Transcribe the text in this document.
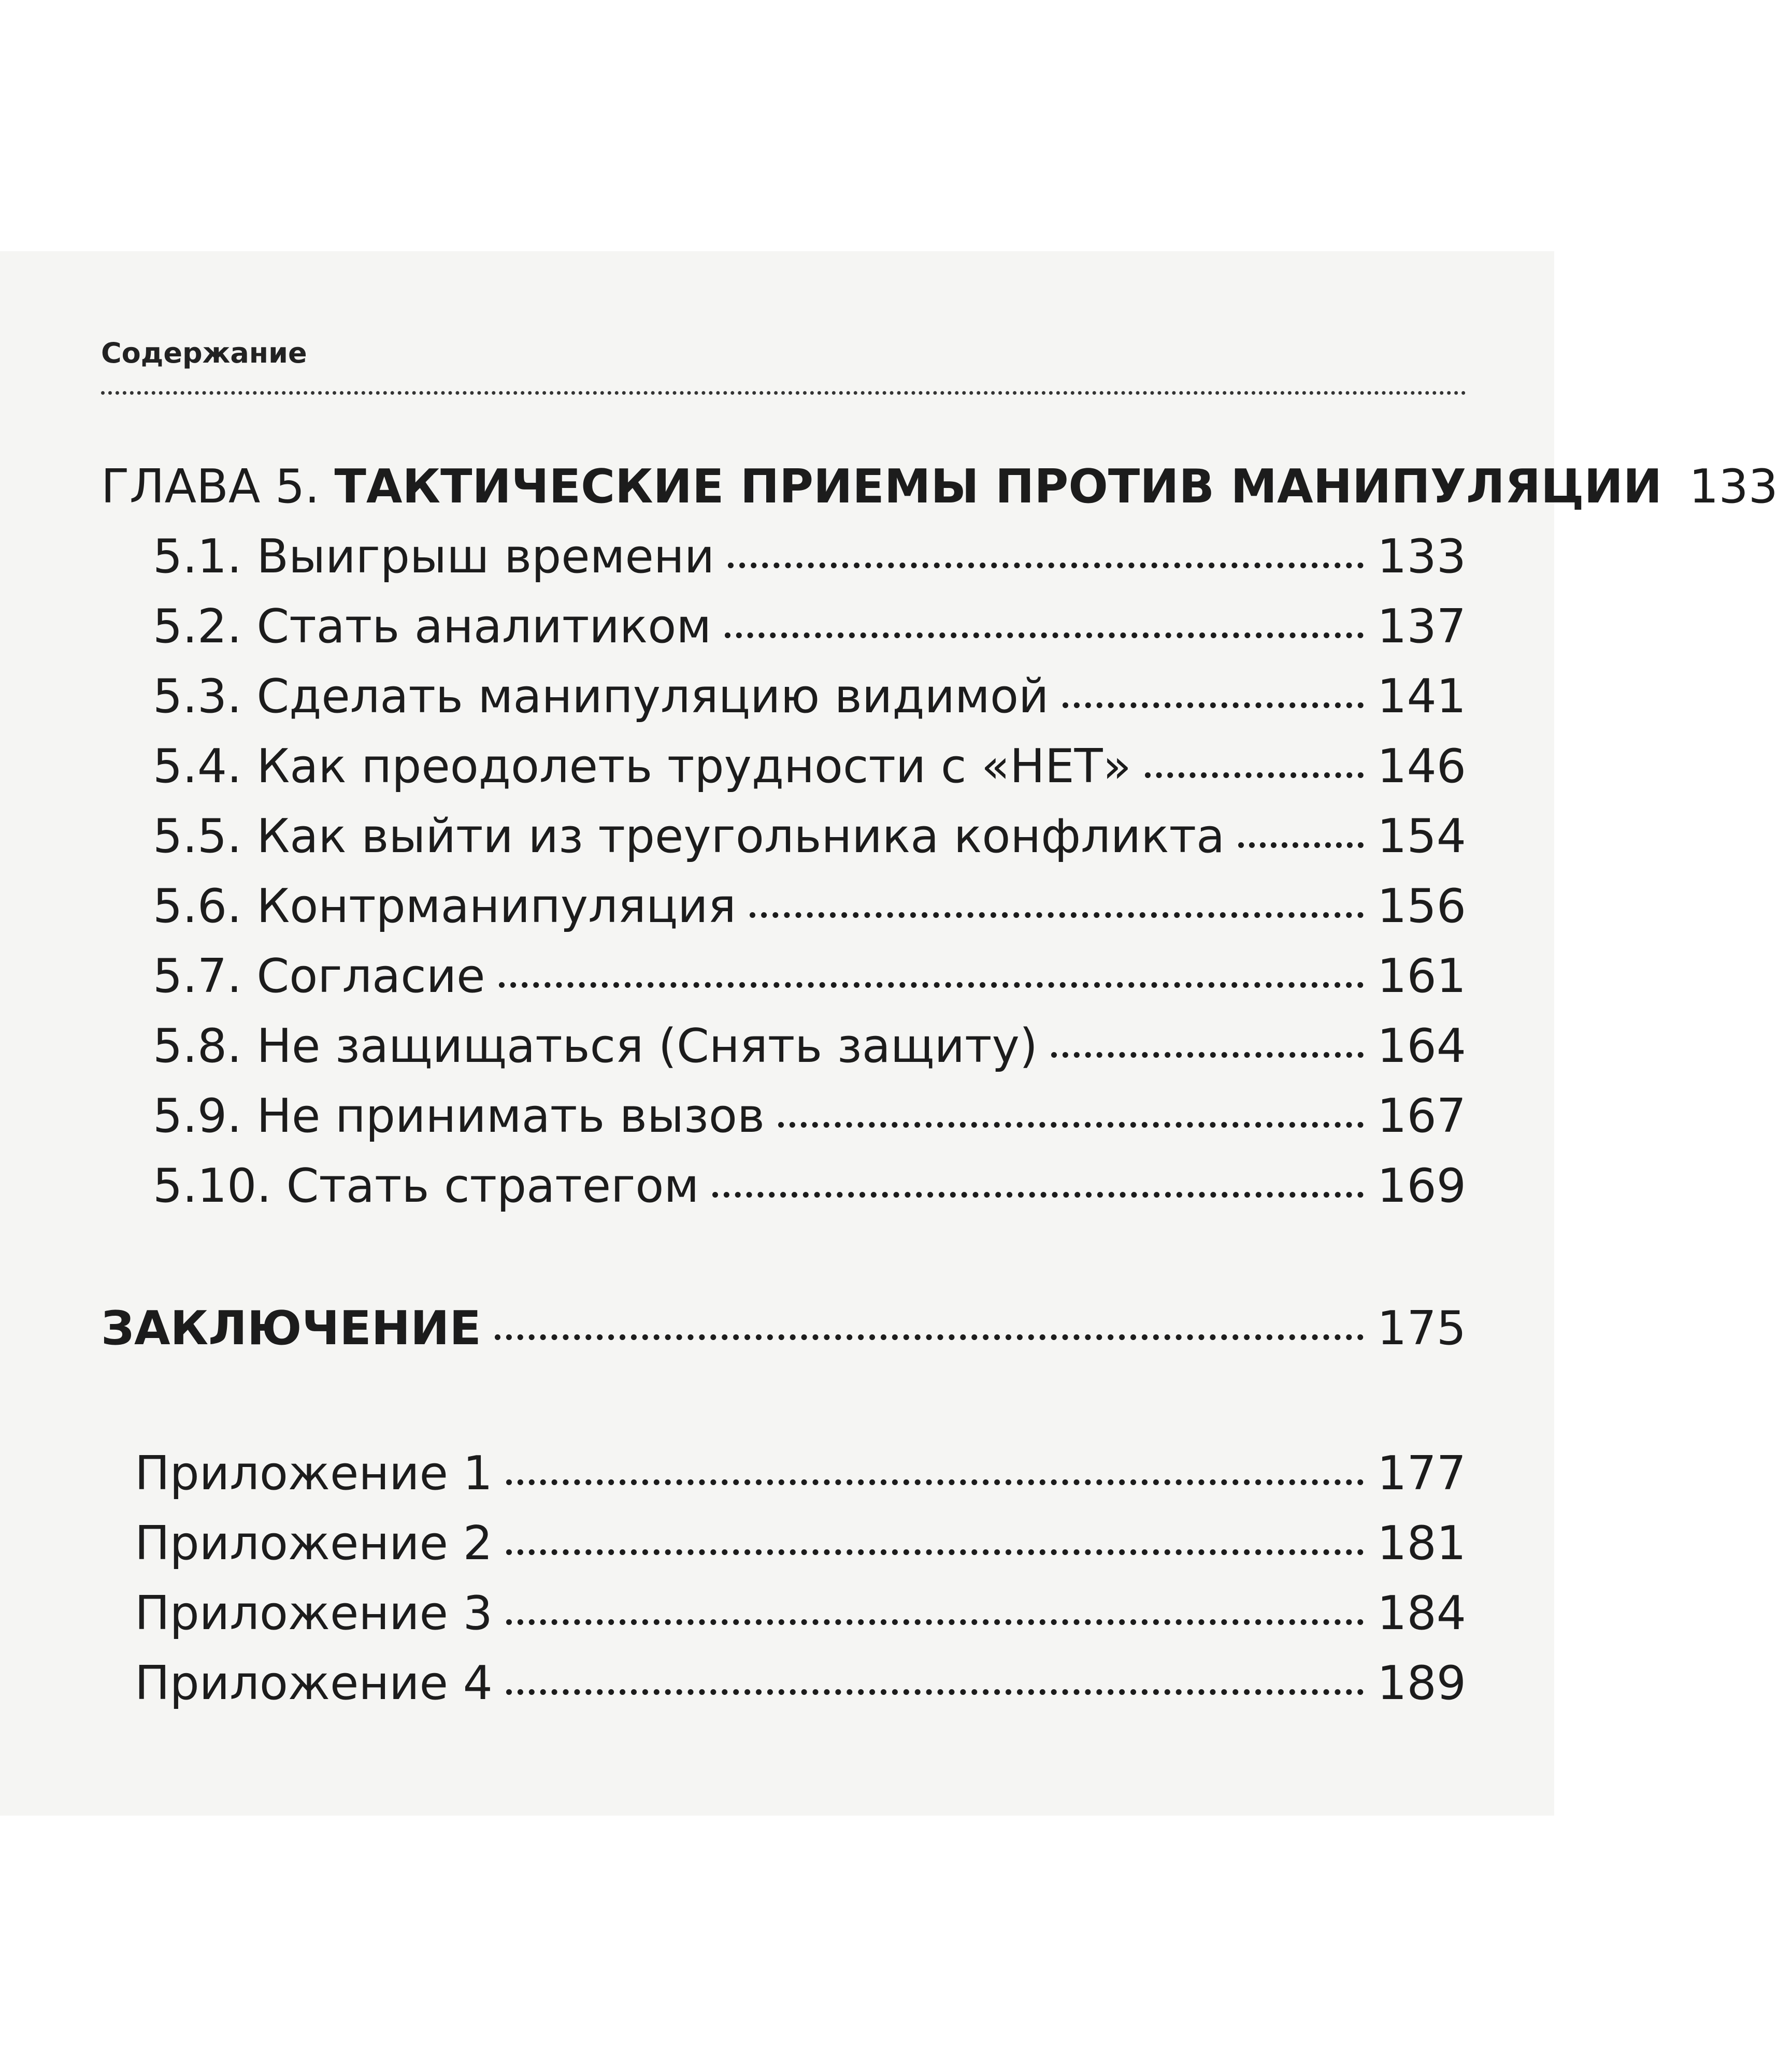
Содержание
ГЛАВА 5. ТАКТИЧЕСКИЕ ПРИЕМЫ ПРОТИВ МАНИПУЛЯЦИИ 133
5.1. Выигрыш времени	133
5.2. Стать аналитиком	137
5.3. Сделать манипуляцию видимой	141
5.4. Как преодолеть трудности с «НЕТ»	146
5.5. Как выйти из треугольника конфликта	154
5.6. Контрманипуляция	156
5.7. Согласие	161
5.8. Не защищаться (Снять защиту)	164
5.9. Не принимать вызов	167
5.10. Стать стратегом	169
ЗАКЛЮЧЕНИЕ	175
Приложение 1	177
Приложение 2	181
Приложение 3	184
Приложение 4	189
